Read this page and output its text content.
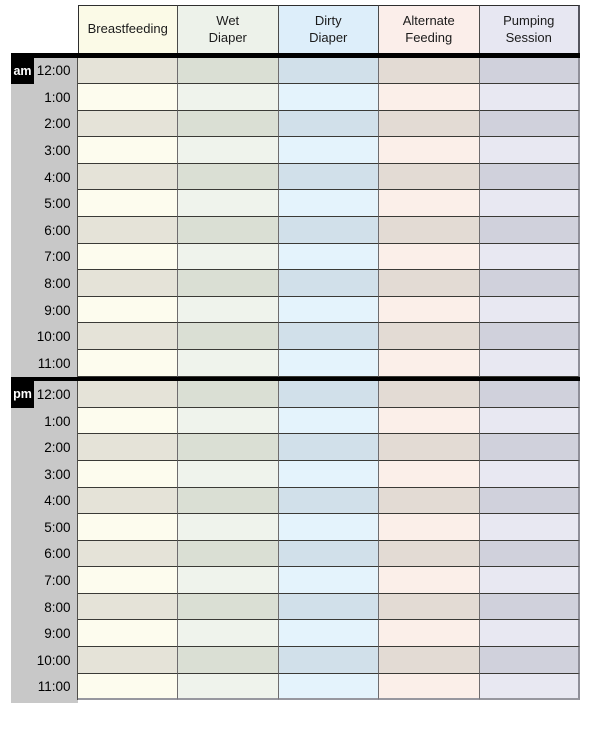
Breastfeeding
Wet
Diaper
Dirty
Diaper
Alternate
Feeding
Pumping
Session
am 12:00
1:00
2:00
3:00
4:00
5:00
6:00
7:00
8:00
9:00
10:00
11:00
pm 12:00
1:00
2:00
3:00
4:00
5:00
6:00
7:00
8:00
9:00
10:00
11:00
